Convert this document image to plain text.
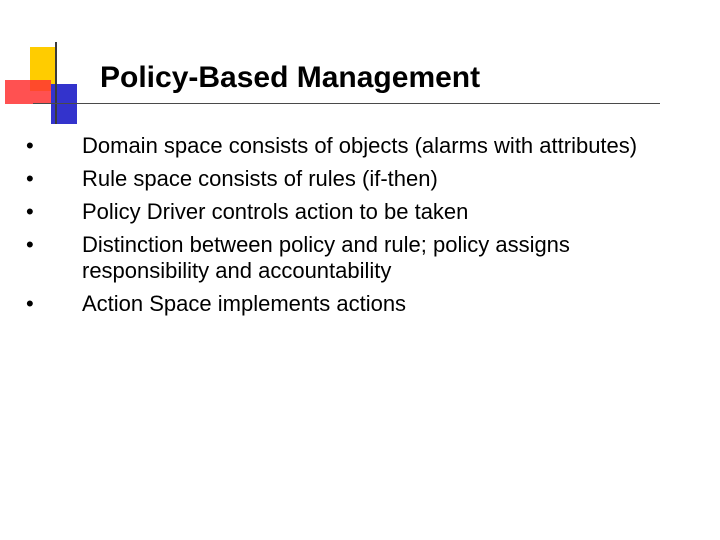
Policy-Based Management
•	Domain space consists of objects (alarms with attributes)
•	Rule space consists of rules (if-then)
•	Policy Driver controls action to be taken
•	Distinction between policy and rule; policy assigns responsibility and accountability
•	Action Space implements actions
